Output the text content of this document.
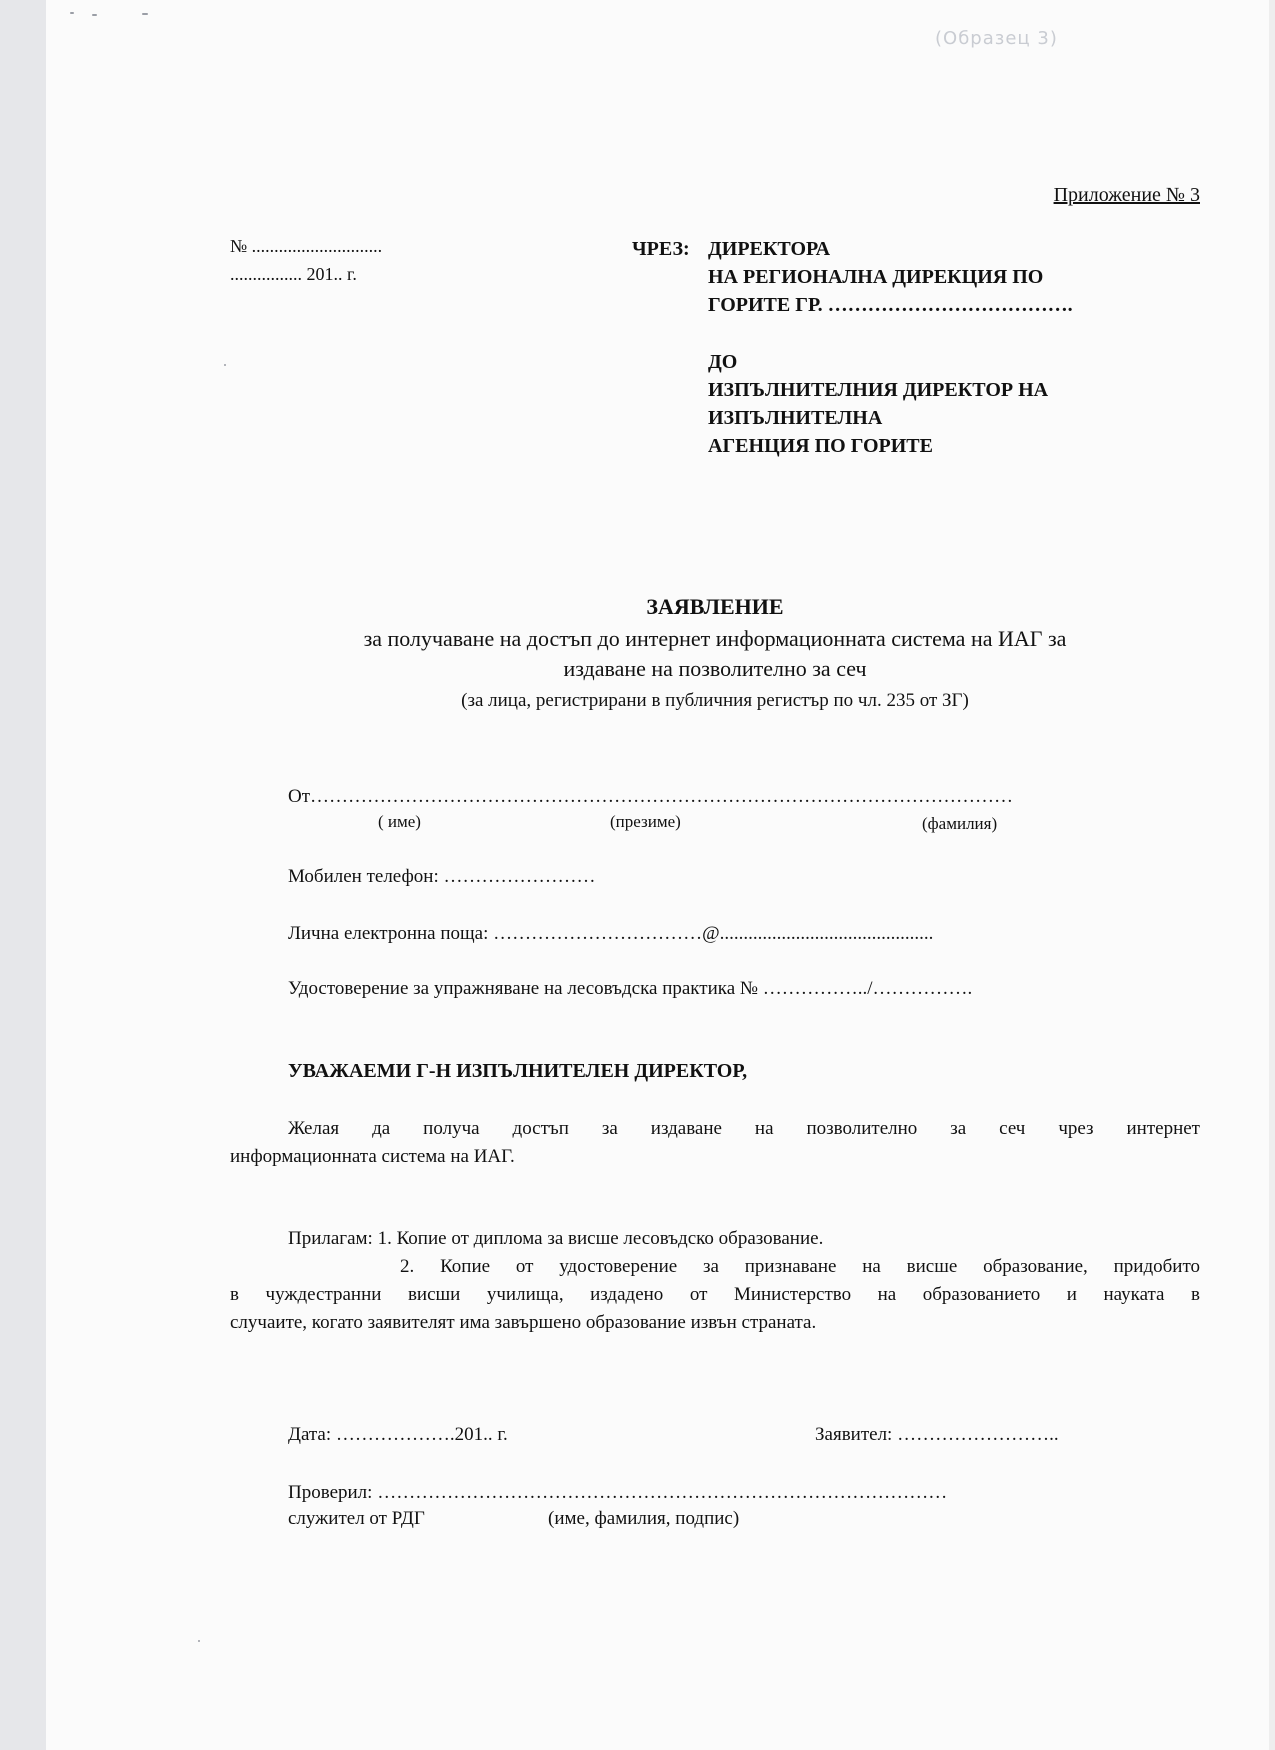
(Образец 3)
Приложение № 3
№ .............................
................ 201.. г.
ЧРЕЗ: ДИРЕКТОРА
НА РЕГИОНАЛНА ДИРЕКЦИЯ ПО
ГОРИТЕ ГР. ……………………………….
ДО
ИЗПЪЛНИТЕЛНИЯ ДИРЕКТОР НА
ИЗПЪЛНИТЕЛНА
АГЕНЦИЯ ПО ГОРИТЕ
ЗАЯВЛЕНИЕ
за получаване на достъп до интернет информационната система на ИАГ за
издаване на позволително за сеч
(за лица, регистрирани в публичния регистър по чл. 235 от ЗГ)
От…………………………………………………………………………………………………
( име)	(презиме)	(фамилия)
Мобилен телефон: ……………………
Лична електронна поща: ……………………………@.............................................
Удостоверение за упражняване на лесовъдска практика № ……………../…………….
УВАЖАЕМИ Г-Н ИЗПЪЛНИТЕЛЕН ДИРЕКТОР,
Желая да получа достъп за издаване на позволително за сеч чрез интернет
информационната система на ИАГ.
Прилагам: 1. Копие от диплома за висше лесовъдско образование.
2. Копие от удостоверение за признаване на висше образование, придобито
в чуждестранни висши училища, издадено от Министерство на образованието и науката в
случаите, когато заявителят има завършено образование извън страната.
Дата: ……………….201.. г.	Заявител: ……………………..
Проверил: ………………………………………………………………………………
служител от РДГ	(име, фамилия, подпис)
